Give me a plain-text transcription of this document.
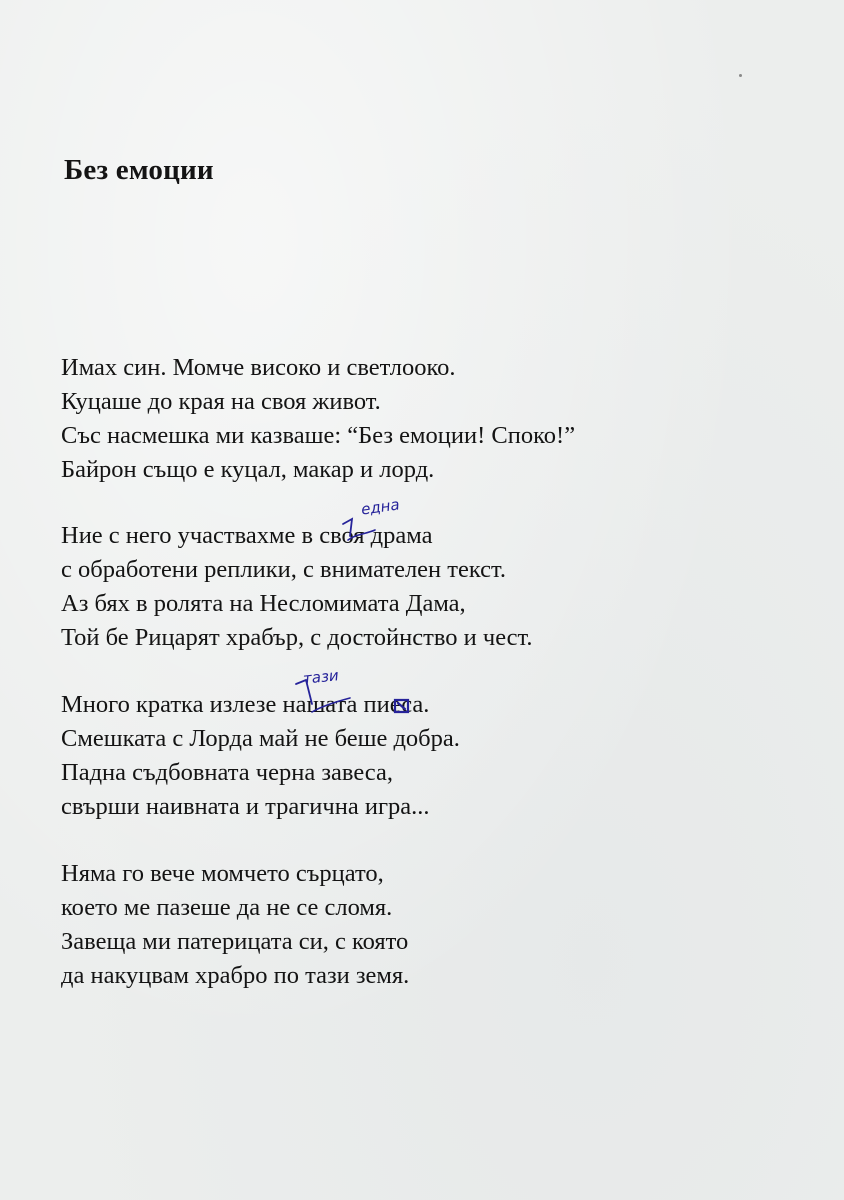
Без емоции
Имах син. Момче високо и светлооко.
Куцаше до края на своя живот.
Със насмешка ми казваше: “Без емоции! Споко!”
Байрон също е куцал, макар и лорд.
Ние с него участвахме в своя драма
с обработени реплики, с внимателен текст.
Аз бях в ролята на Несломимата Дама,
Той бе Рицарят храбър, с достойнство и чест.
Много кратка излезе нашата пиеса.
Смешката с Лорда май не беше добра.
Падна съдбовната черна завеса,
свърши наивната и трагична игра...
Няма го вече момчето сърцато,
което ме пазеше да не се сломя.
Завеща ми патерицата си, с която
да накуцвам храбро по тази земя.
една
тази
